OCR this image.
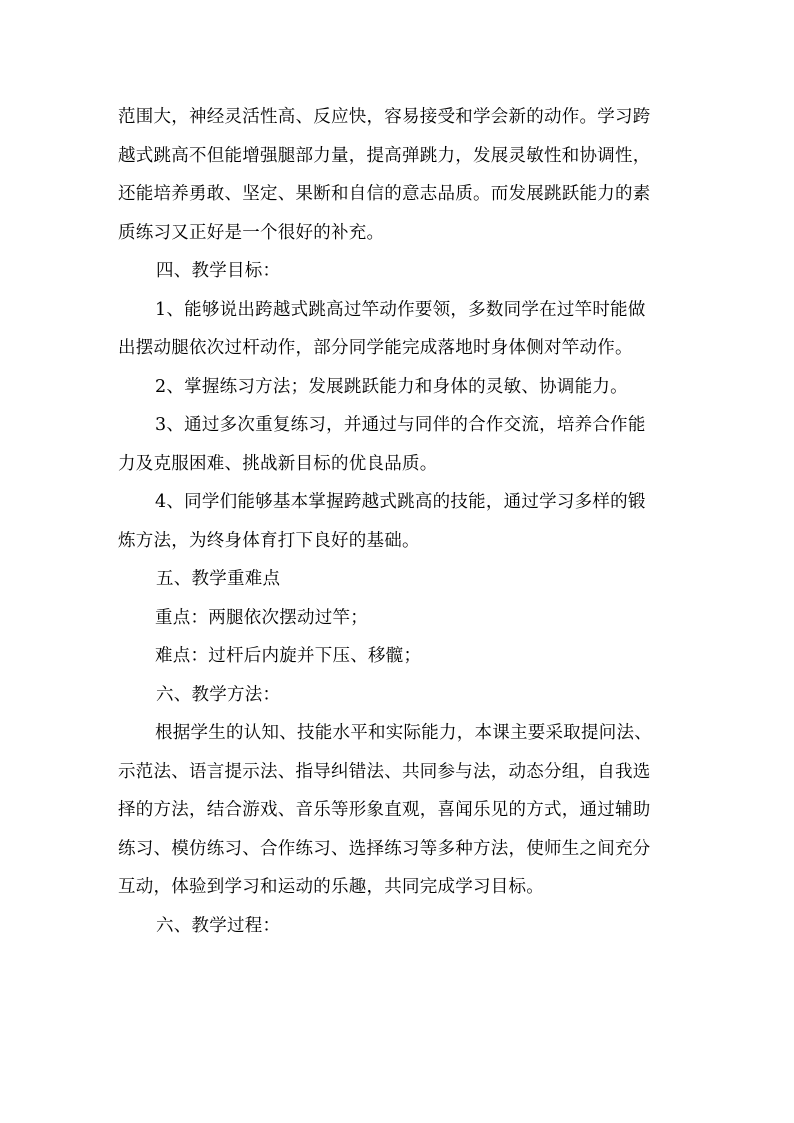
范围大，神经灵活性高、反应快，容易接受和学会新的动作。学习跨
越式跳高不但能增强腿部力量，提高弹跳力，发展灵敏性和协调性，
还能培养勇敢、坚定、果断和自信的意志品质。而发展跳跃能力的素
质练习又正好是一个很好的补充。

四、教学目标：

1、能够说出跨越式跳高过竿动作要领，多数同学在过竿时能做
出摆动腿依次过杆动作，部分同学能完成落地时身体侧对竿动作。

2、掌握练习方法；发展跳跃能力和身体的灵敏、协调能力。

3、通过多次重复练习，并通过与同伴的合作交流，培养合作能
力及克服困难、挑战新目标的优良品质。

4、同学们能够基本掌握跨越式跳高的技能，通过学习多样的锻
炼方法，为终身体育打下良好的基础。

五、教学重难点

重点：两腿依次摆动过竿；

难点：过杆后内旋并下压、移髋；

六、教学方法：

根据学生的认知、技能水平和实际能力，本课主要采取提问法、
示范法、语言提示法、指导纠错法、共同参与法，动态分组，自我选
择的方法，结合游戏、音乐等形象直观，喜闻乐见的方式，通过辅助
练习、模仿练习、合作练习、选择练习等多种方法，使师生之间充分
互动，体验到学习和运动的乐趣，共同完成学习目标。

六、教学过程：
